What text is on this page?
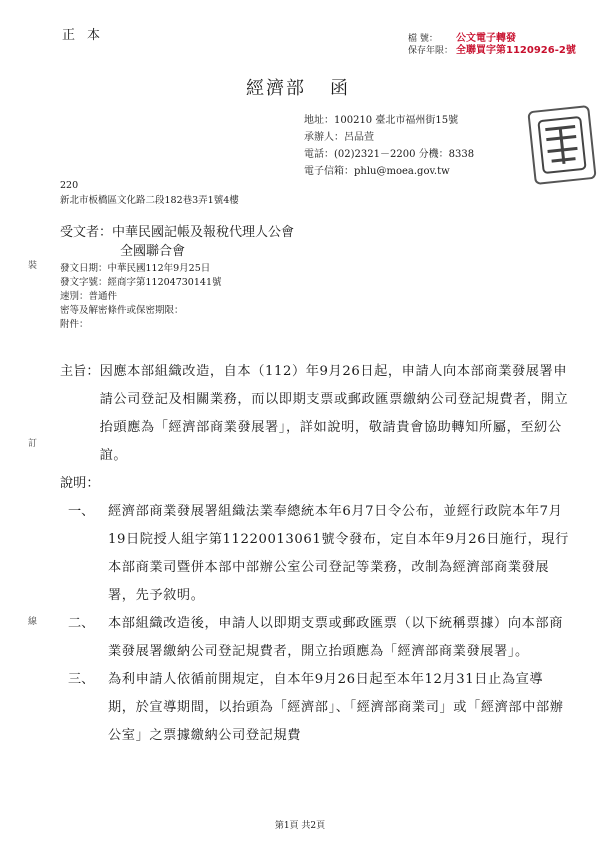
正本	檔 號：	公文電子轉發
保存年限： 全聯買字第1120926-2號
經濟部 函
地址：100210 臺北市福州街15號
承辦人：呂品萱
電話：(02)2321－2200 分機：8338
電子信箱：phlu@moea.gov.tw
220
新北市板橋區文化路二段182巷3弄1號4樓
受文者：中華民國記帳及報稅代理人公會
全國聯合會
發文日期：中華民國112年9月25日
發文字號：經商字第11204730141號
速別：普通件
密等及解密條件或保密期限：
附件：
主旨： 因應本部組織改造，自本（112）年9月26日起，申請人向本部商業發展署申請公司登記及相關業務，而以即期支票或郵政匯票繳納公司登記規費者，開立抬頭應為「經濟部商業發展署」，詳如說明，敬請貴會協助轉知所屬，至紉公誼。
說明：
一、	經濟部商業發展署組織法業奉總統本年6月7日令公布，並經行政院本年7月19日院授人組字第11220013061號令發布，定自本年9月26日施行，現行本部商業司暨併本部中部辦公室公司登記等業務，改制為經濟部商業發展署，先予敘明。
二、	本部組織改造後，申請人以即期支票或郵政匯票（以下統稱票據）向本部商業發展署繳納公司登記規費者，開立抬頭應為「經濟部商業發展署」。
三、	為利申請人依循前開規定，自本年9月26日起至本年12月31日止為宣導期，於宣導期間，以抬頭為「經濟部」、「經濟部商業司」或「經濟部中部辦公室」之票據繳納公司登記規費
裝
訂
線
第1頁 共2頁
